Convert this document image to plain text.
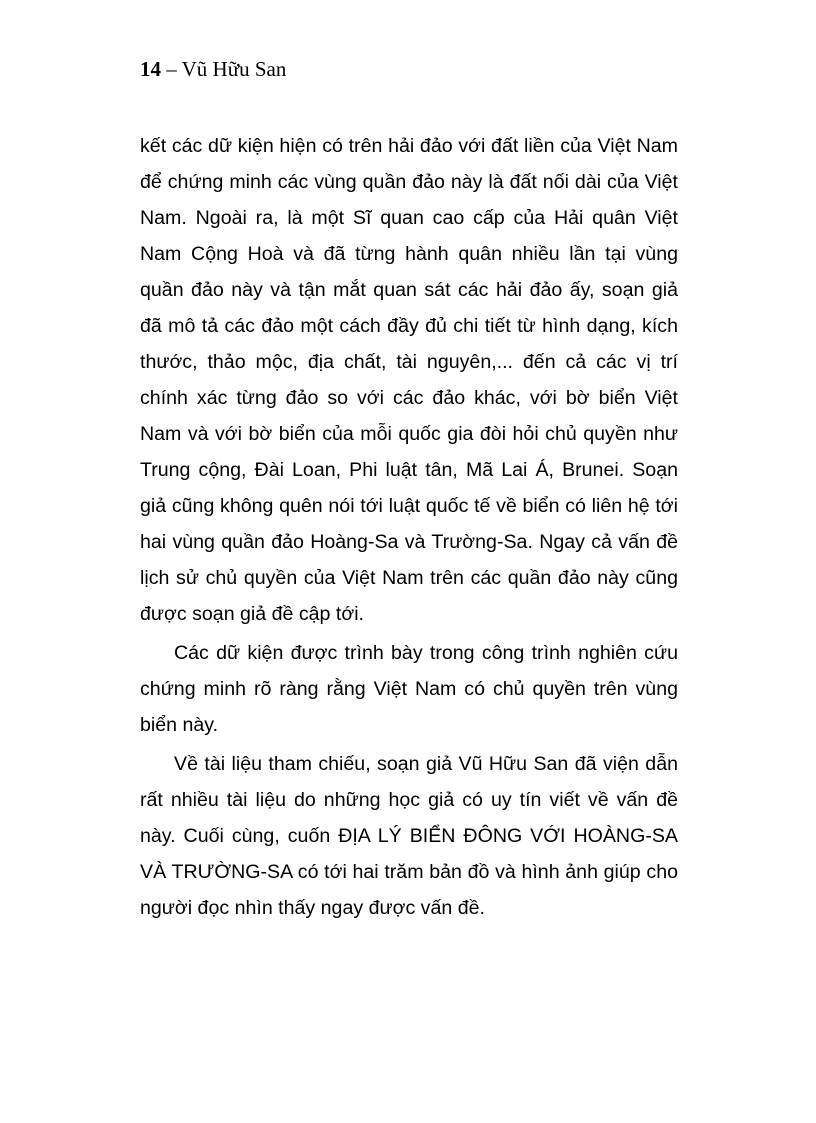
14 – Vũ Hữu San

kết các dữ kiện hiện có trên hải đảo với đất liền của Việt Nam để chứng minh các vùng quần đảo này là đất nối dài của Việt Nam. Ngoài ra, là một Sĩ quan cao cấp của Hải quân Việt Nam Cộng Hoà và đã từng hành quân nhiều lần tại vùng quần đảo này và tận mắt quan sát các hải đảo ấy, soạn giả đã mô tả các đảo một cách đầy đủ chi tiết từ hình dạng, kích thước, thảo mộc, địa chất, tài nguyên,... đến cả các vị trí chính xác từng đảo so với các đảo khác, với bờ biển Việt Nam và với bờ biển của mỗi quốc gia đòi hỏi chủ quyền như Trung cộng, Đài Loan, Phi luật tân, Mã Lai Á, Brunei. Soạn giả cũng không quên nói tới luật quốc tế về biển có liên hệ tới hai vùng quần đảo Hoàng-Sa và Trường-Sa. Ngay cả vấn đề lịch sử chủ quyền của Việt Nam trên các quần đảo này cũng được soạn giả đề cập tới.

Các dữ kiện được trình bày trong công trình nghiên cứu chứng minh rõ ràng rằng Việt Nam có chủ quyền trên vùng biển này.

Về tài liệu tham chiếu, soạn giả Vũ Hữu San đã viện dẫn rất nhiều tài liệu do những học giả có uy tín viết về vấn đề này. Cuối cùng, cuốn ĐỊA LÝ BIỂN ĐÔNG VỚI HOÀNG-SA VÀ TRƯỜNG-SA có tới hai trăm bản đồ và hình ảnh giúp cho người đọc nhìn thấy ngay được vấn đề.
